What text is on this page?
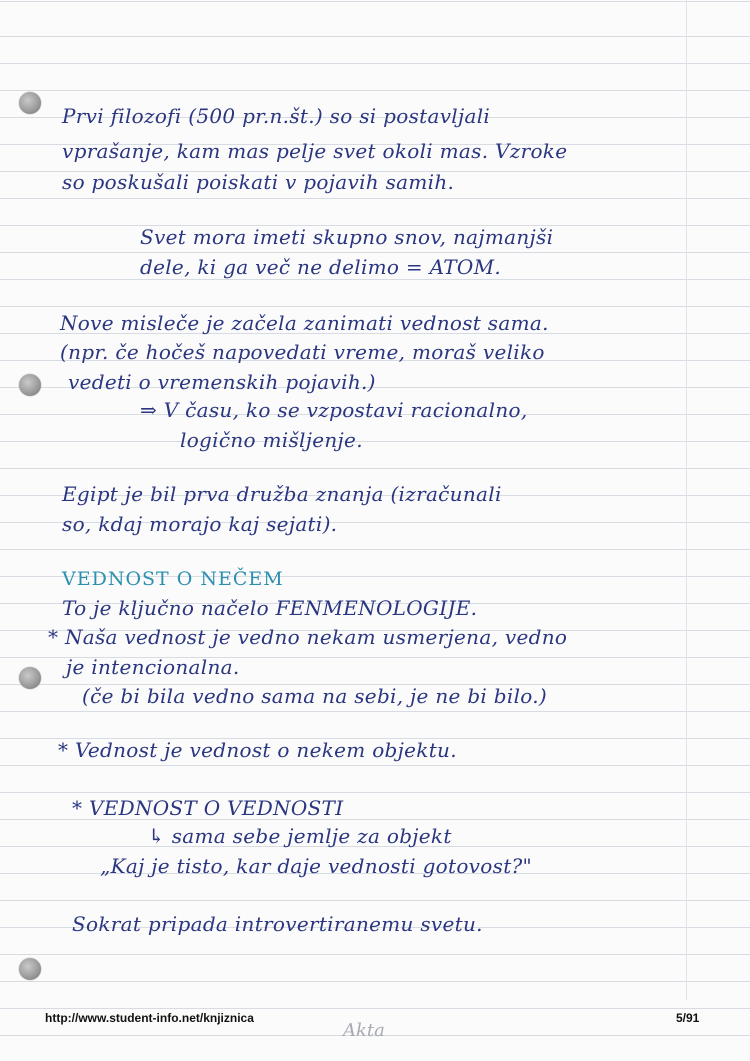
Prvi filozofi (500 pr.n.št.) so si postavljali
vprašanje, kam mas pelje svet okoli mas. Vzroke
so poskušali poiskati v pojavih samih.
Svet mora imeti skupno snov, najmanjši
dele, ki ga več ne delimo = ATOM.
Nove misleče je začela zanimati vednost sama.
(npr. če hočeš napovedati vreme, moraš veliko
vedeti o vremenskih pojavih.)
⇒ V času, ko se vzpostavi racionalno,
logično mišljenje.
Egipt je bil prva družba znanja (izračunali
so, kdaj morajo kaj sejati).
VEDNOST O NEČEM
To je ključno načelo FENMENOLOGIJE.
* Naša vednost je vedno nekam usmerjena, vedno
je intencionalna.
(če bi bila vedno sama na sebi, je ne bi bilo.)
* Vednost je vednost o nekem objektu.
* VEDNOST O VEDNOSTI
↳ sama sebe jemlje za objekt
„Kaj je tisto, kar daje vednosti gotovost?"
Sokrat pripada introvertiranemu svetu.
http://www.student-info.net/knjiznica
Akta
5/91
